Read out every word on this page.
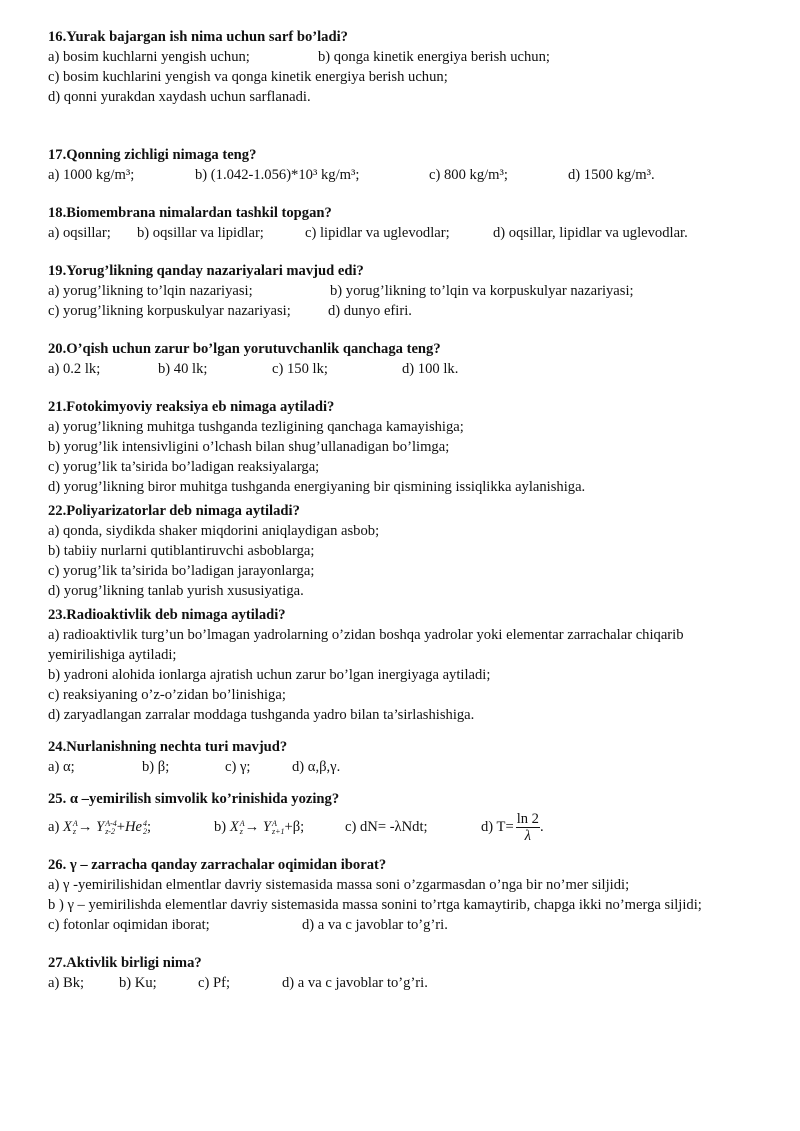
16.Yurak bajargan ish nima uchun sarf bo’ladi?
a) bosim kuchlarni yengish uchun;	b) qonga kinetik energiya berish uchun;
c) bosim kuchlarini yengish va qonga kinetik energiya berish uchun;
d) qonni yurakdan xaydash uchun sarflanadi.
17.Qonning zichligi nimaga teng?
a) 1000 kg/m³;	b) (1.042-1.056)*10³ kg/m³;	c) 800 kg/m³;	d) 1500 kg/m³.
18.Biomembrana nimalardan tashkil topgan?
a) oqsillar; b) oqsillar va lipidlar;	c) lipidlar va uglevodlar;	d) oqsillar, lipidlar va uglevodlar.
19.Yorug’likning qanday nazariyalari mavjud edi?
a) yorug’likning to’lqin nazariyasi;	b) yorug’likning to’lqin va korpuskulyar nazariyasi;
c) yorug’likning korpuskulyar nazariyasi;	d) dunyo efiri.
20.O’qish uchun zarur bo’lgan yorutuvchanlik qanchaga teng?
a) 0.2 lk;	b) 40 lk;	c) 150 lk;	d) 100 lk.
21.Fotokimyoviy reaksiya eb nimaga aytiladi?
a) yorug’likning muhitga tushganda tezligining qanchaga kamayishiga;
b) yorug’lik intensivligini o’lchash bilan shug’ullanadigan bo’limga;
c) yorug’lik ta’sirida bo’ladigan reaksiyalarga;
d) yorug’likning biror muhitga tushganda energiyaning bir qismining issiqlikka aylanishiga.
22.Poliyarizatorlar deb nimaga aytiladi?
a) qonda, siydikda shaker miqdorini aniqlaydigan asbob;
b) tabiiy nurlarni qutiblantiruvchi asboblarga;
c) yorug’lik ta’sirida bo’ladigan jarayonlarga;
d) yorug’likning tanlab yurish xususiyatiga.
23.Radioaktivlik deb nimaga aytiladi?
a) radioaktivlik turg’un bo’lmagan yadrolarning o’zidan boshqa yadrolar yoki elementar zarrachalar chiqarib yemirilishiga aytiladi;
b) yadroni alohida ionlarga ajratish uchun zarur bo’lgan inergiyaga aytiladi;
c) reaksiyaning o’z-o’zidan bo’linishiga;
d) zaryadlangan zarralar moddaga tushganda yadro bilan ta’sirlashishiga.
24.Nurlanishning nechta turi mavjud?
a) α;	b) β;	c) γ;	d) α,β,γ.
25. α –yemirilish simvolik ko’rinishida yozing?
a) X A
z → Y A-4
z-2 +He 4
2 ;	b) X A
z → Y A
z+1 +β;	c) dN= -λNdt;	d) $T= \frac{\ln 2}{\lambda}$ .
26. γ – zarracha qanday zarrachalar oqimidan iborat?
a) γ -yemirilishidan elmentlar davriy sistemasida massa soni o’zgarmasdan o’nga bir no’mer siljidi;
b ) γ – yemirilishda elementlar davriy sistemasida massa sonini to’rtga kamaytirib, chapga ikki no’merga siljidi;
c) fotonlar oqimidan iborat;	d) a va c javoblar to’g’ri.
27.Aktivlik birligi nima?
a) Bk; b) Ku;	c) Pf;	d) a va c javoblar to’g’ri.
